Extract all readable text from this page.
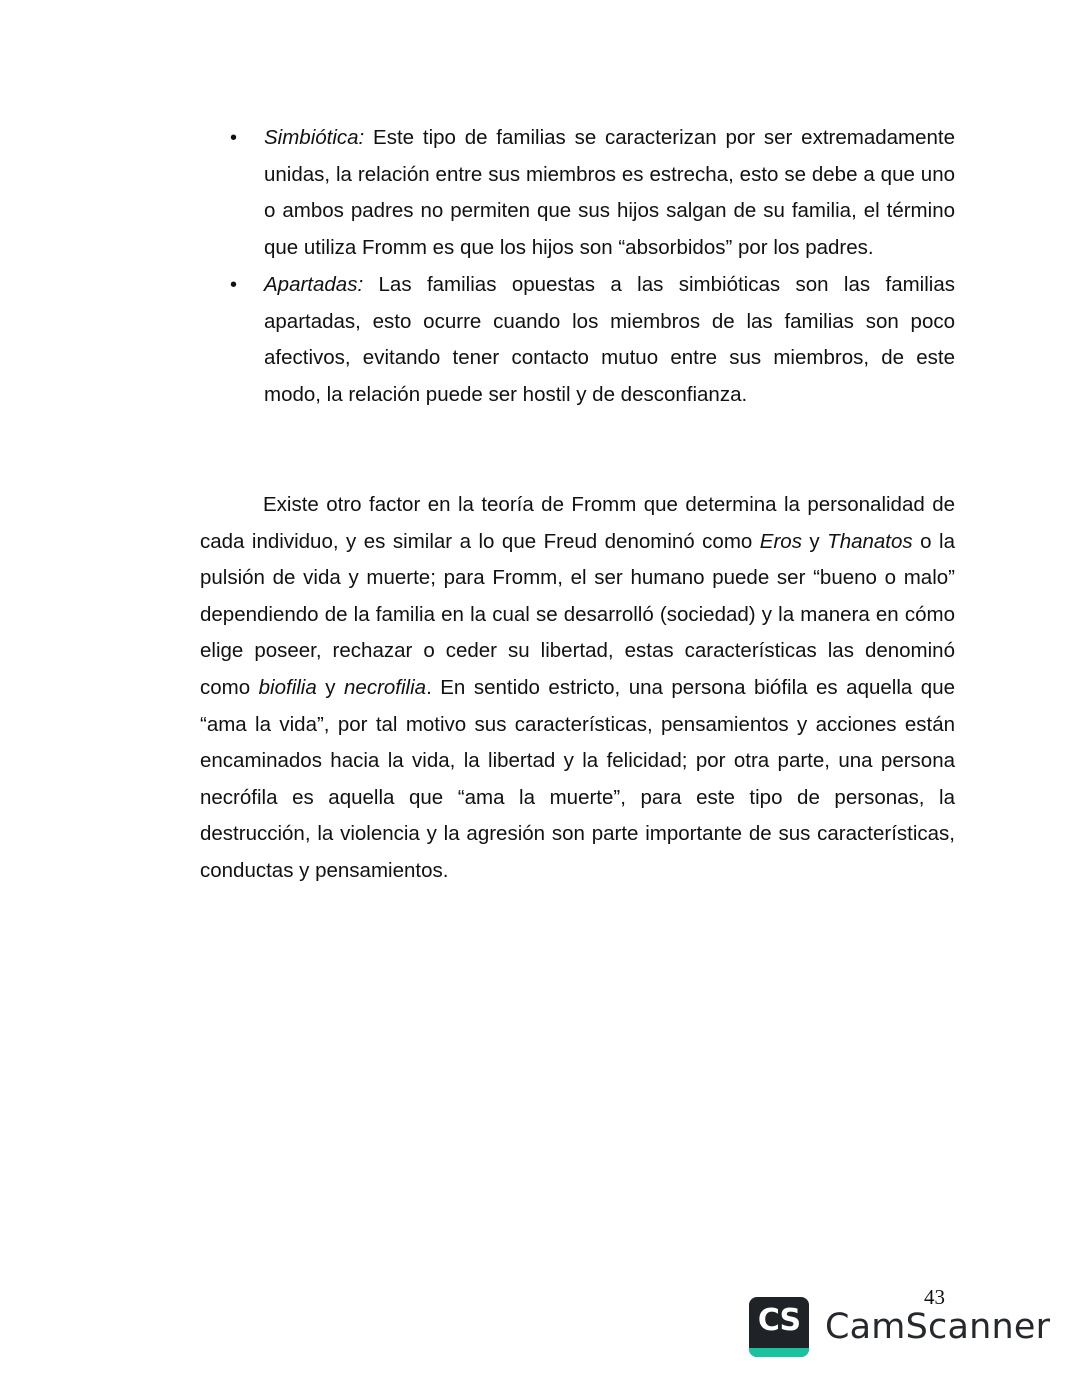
• Simbiótica: Este tipo de familias se caracterizan por ser extremadamente unidas, la relación entre sus miembros es estrecha, esto se debe a que uno o ambos padres no permiten que sus hijos salgan de su familia, el término que utiliza Fromm es que los hijos son “absorbidos” por los padres.
• Apartadas: Las familias opuestas a las simbióticas son las familias apartadas, esto ocurre cuando los miembros de las familias son poco afectivos, evitando tener contacto mutuo entre sus miembros, de este modo, la relación puede ser hostil y de desconfianza.

Existe otro factor en la teoría de Fromm que determina la personalidad de cada individuo, y es similar a lo que Freud denominó como Eros y Thanatos o la pulsión de vida y muerte; para Fromm, el ser humano puede ser “bueno o malo” dependiendo de la familia en la cual se desarrolló (sociedad) y la manera en cómo elige poseer, rechazar o ceder su libertad, estas características las denominó como biofilia y necrofilia. En sentido estricto, una persona biófila es aquella que “ama la vida”, por tal motivo sus características, pensamientos y acciones están encaminados hacia la vida, la libertad y la felicidad; por otra parte, una persona necrófila es aquella que “ama la muerte”, para este tipo de personas, la destrucción, la violencia y la agresión son parte importante de sus características, conductas y pensamientos.

43
CS CamScanner
